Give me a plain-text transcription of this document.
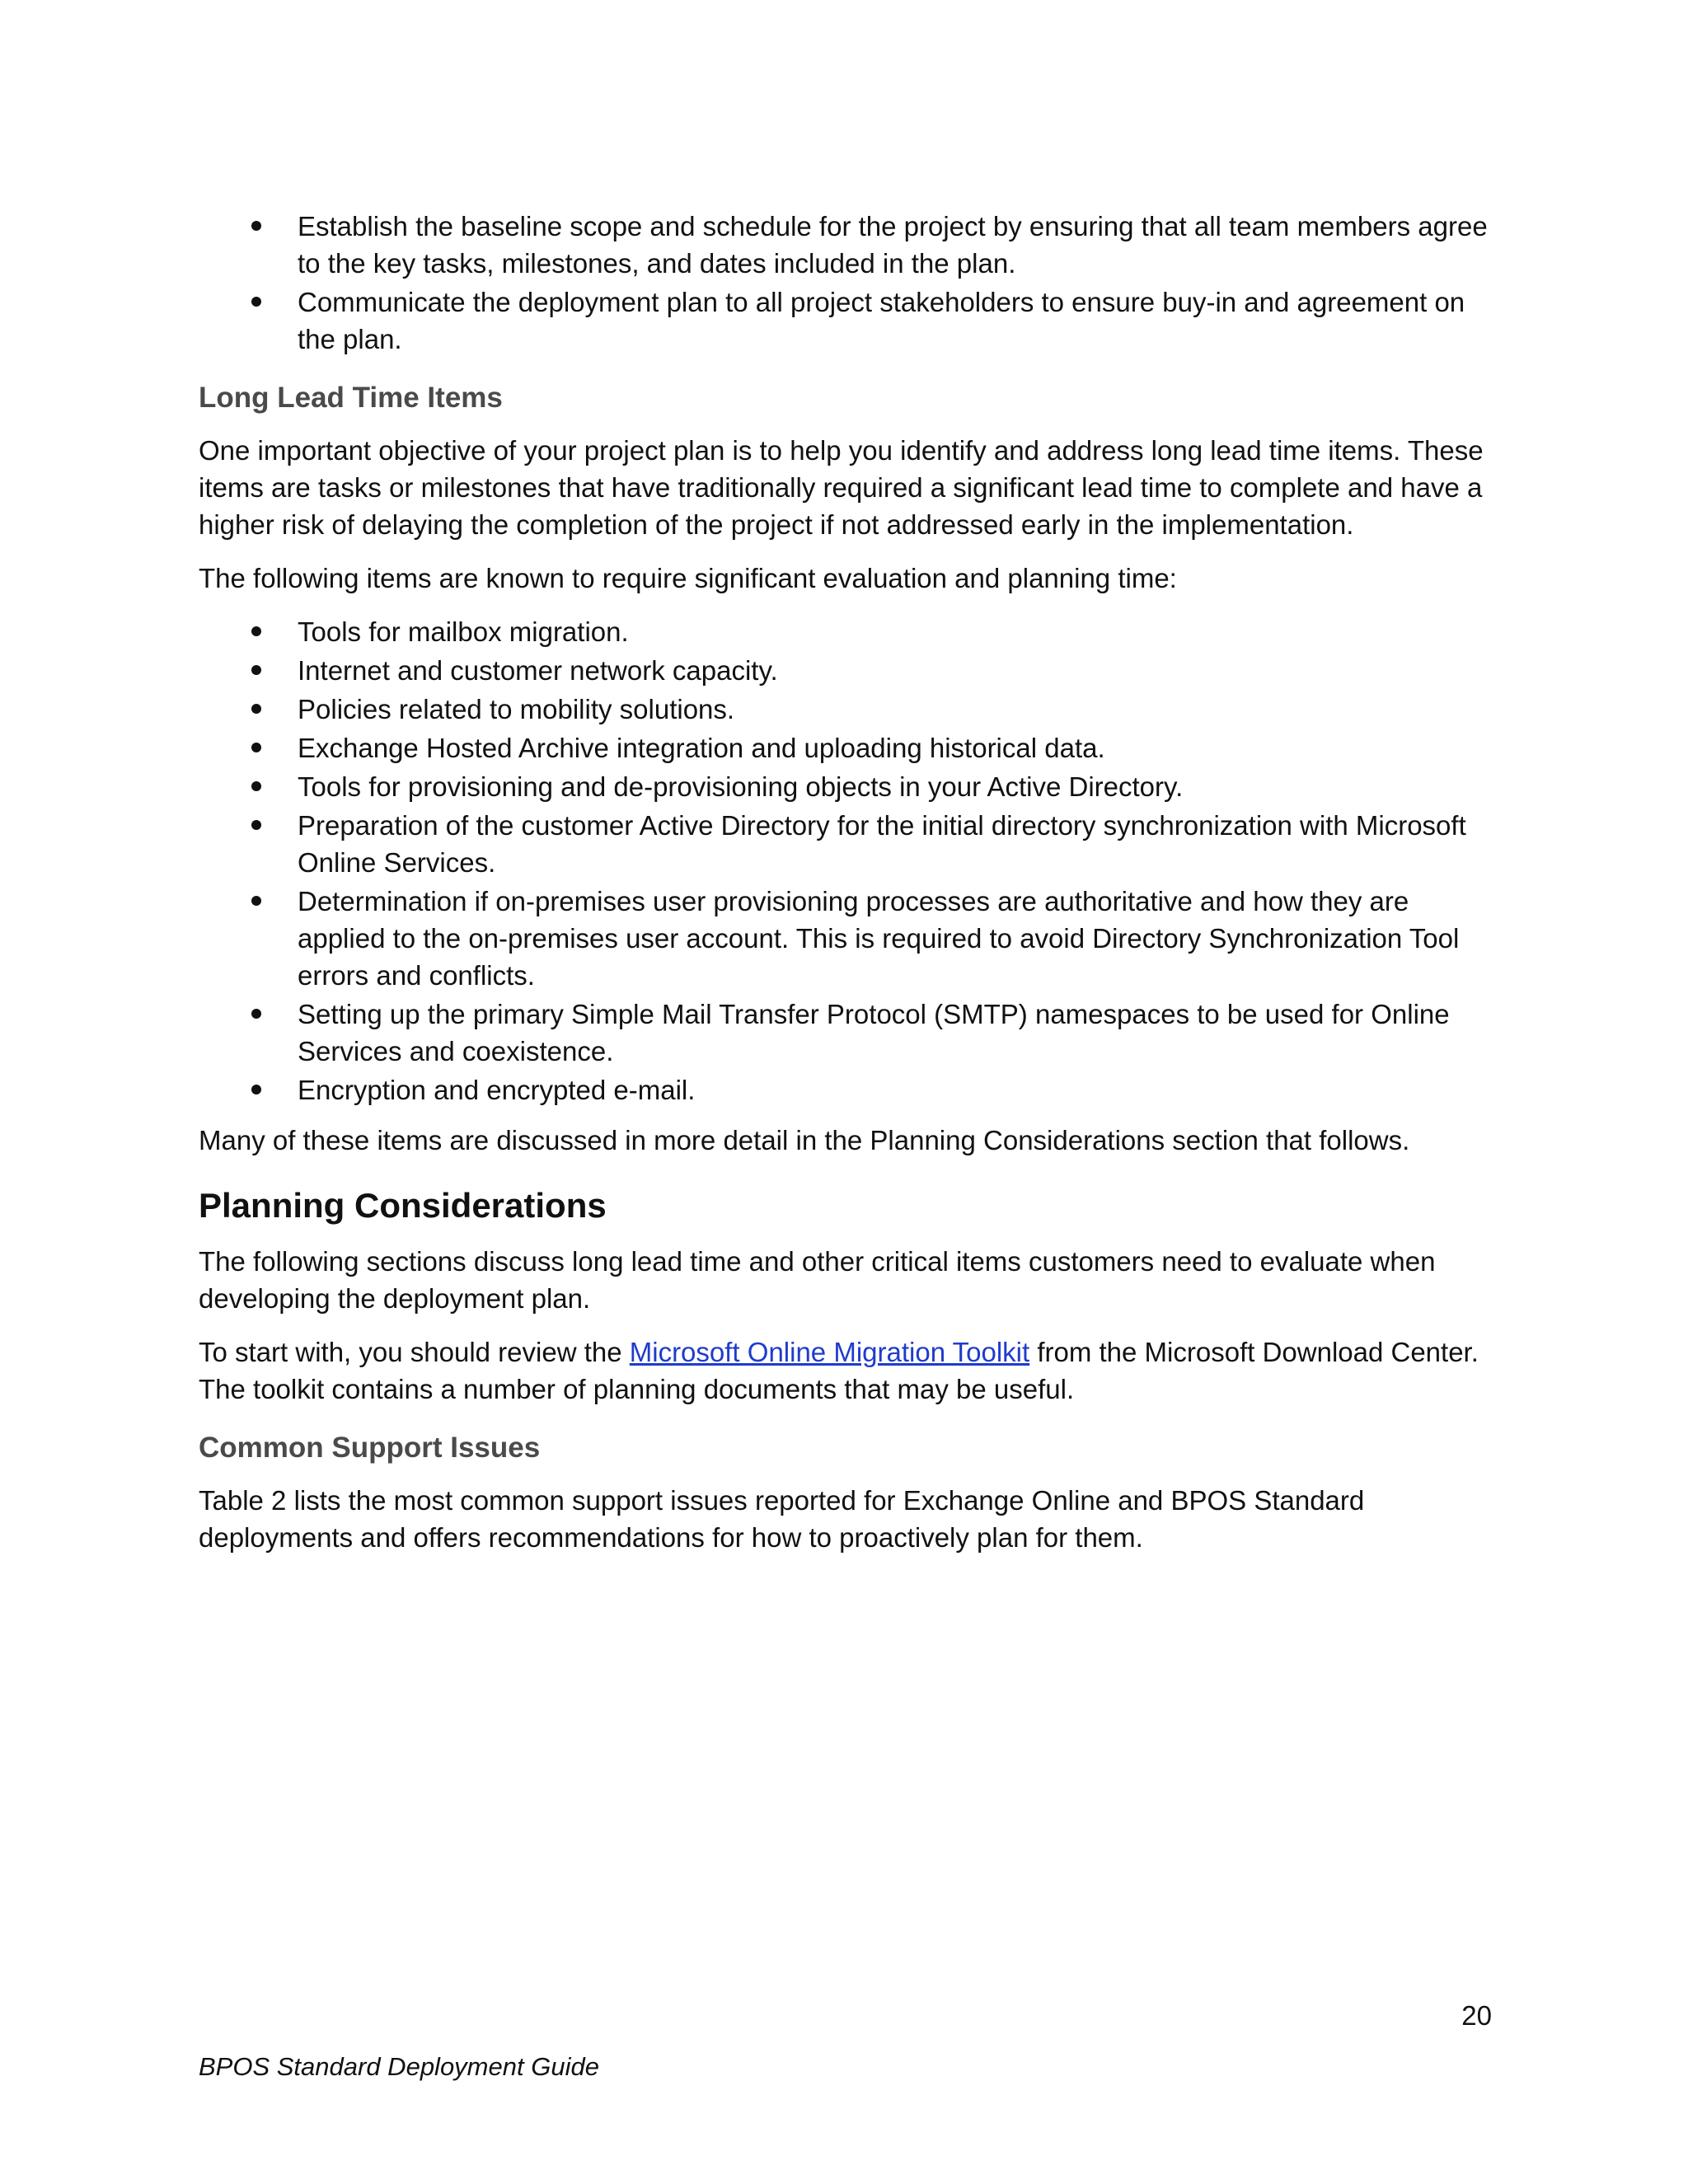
Establish the baseline scope and schedule for the project by ensuring that all team members agree to the key tasks, milestones, and dates included in the plan.
Communicate the deployment plan to all project stakeholders to ensure buy-in and agreement on the plan.
Long Lead Time Items

One important objective of your project plan is to help you identify and address long lead time items. These items are tasks or milestones that have traditionally required a significant lead time to complete and have a higher risk of delaying the completion of the project if not addressed early in the implementation.

The following items are known to require significant evaluation and planning time:

Tools for mailbox migration.
Internet and customer network capacity.
Policies related to mobility solutions.
Exchange Hosted Archive integration and uploading historical data.
Tools for provisioning and de-provisioning objects in your Active Directory.
Preparation of the customer Active Directory for the initial directory synchronization with Microsoft Online Services.
Determination if on-premises user provisioning processes are authoritative and how they are applied to the on-premises user account. This is required to avoid Directory Synchronization Tool errors and conflicts.
Setting up the primary Simple Mail Transfer Protocol (SMTP) namespaces to be used for Online Services and coexistence.
Encryption and encrypted e-mail.

Many of these items are discussed in more detail in the Planning Considerations section that follows.

Planning Considerations

The following sections discuss long lead time and other critical items customers need to evaluate when developing the deployment plan.

To start with, you should review the Microsoft Online Migration Toolkit from the Microsoft Download Center. The toolkit contains a number of planning documents that may be useful.

Common Support Issues

Table 2 lists the most common support issues reported for Exchange Online and BPOS Standard deployments and offers recommendations for how to proactively plan for them.

20
BPOS Standard Deployment Guide
